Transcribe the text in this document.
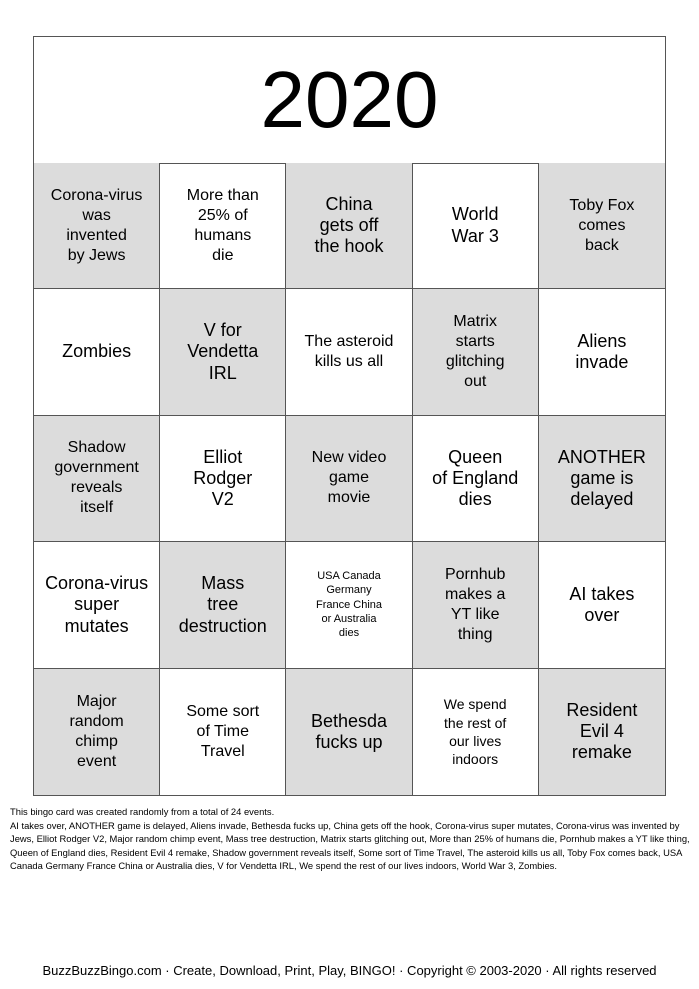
2020
Corona-virus
was
invented
by Jews
More than
25% of
humans
die
China
gets off
the hook
World
War 3
Toby Fox
comes
back
Zombies
V for
Vendetta
IRL
The asteroid
kills us all
Matrix
starts
glitching
out
Aliens
invade
Shadow
government
reveals
itself
Elliot
Rodger
V2
New video
game
movie
Queen
of England
dies
ANOTHER
game is
delayed
Corona-virus
super
mutates
Mass
tree
destruction
USA Canada
Germany
France China
or Australia
dies
Pornhub
makes a
YT like
thing
AI takes
over
Major
random
chimp
event
Some sort
of Time
Travel
Bethesda
fucks up
We spend
the rest of
our lives
indoors
Resident
Evil 4
remake
This bingo card was created randomly from a total of 24 events.
AI takes over, ANOTHER game is delayed, Aliens invade, Bethesda fucks up, China gets off the hook, Corona-virus super mutates, Corona-virus was invented by Jews, Elliot Rodger V2, Major random chimp event, Mass tree destruction, Matrix starts glitching out, More than 25% of humans die, Pornhub makes a YT like thing, Queen of England dies, Resident Evil 4 remake, Shadow government reveals itself, Some sort of Time Travel, The asteroid kills us all, Toby Fox comes back, USA Canada Germany France China or Australia dies, V for Vendetta IRL, We spend the rest of our lives indoors, World War 3, Zombies.
BuzzBuzzBingo.com · Create, Download, Print, Play, BINGO! · Copyright © 2003-2020 · All rights reserved
